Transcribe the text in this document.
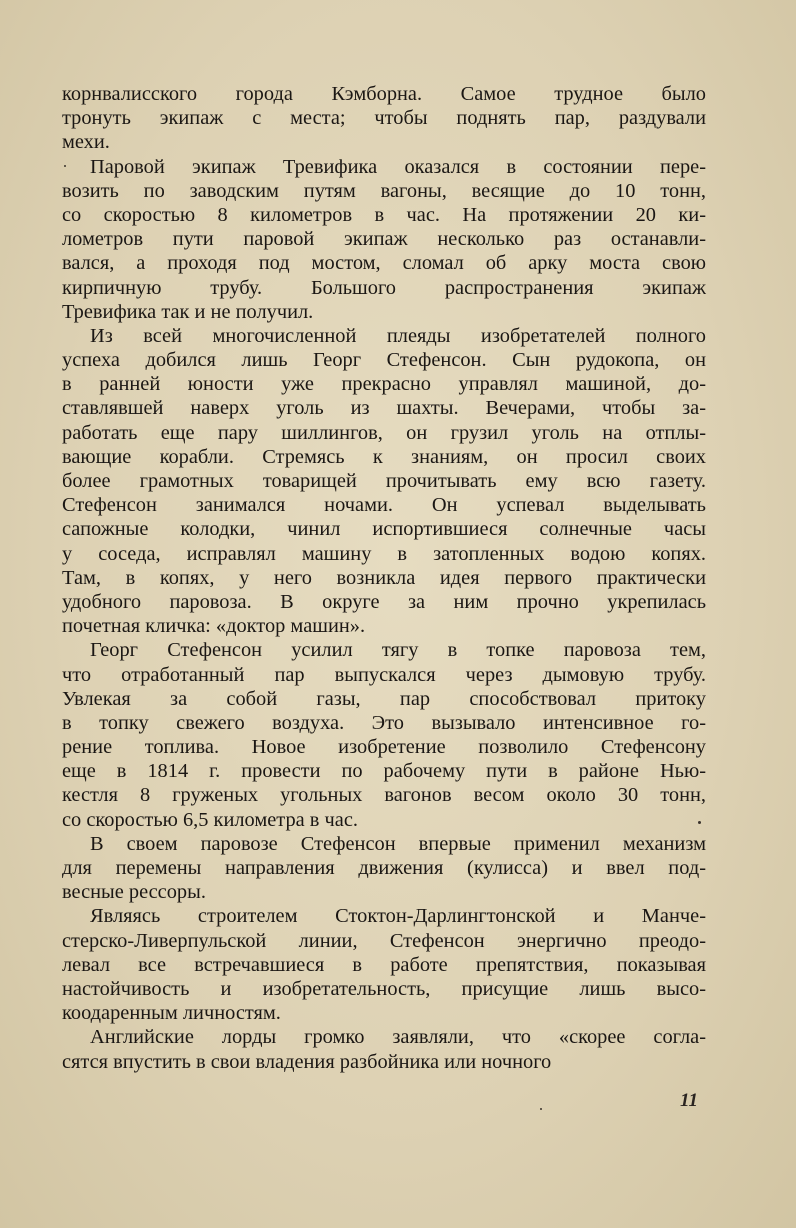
корнвалисского города Кэмборна. Самое трудное было
тронуть экипаж с места; чтобы поднять пар, раздували
мехи.
Паровой экипаж Тревифика оказался в состоянии пере-
возить по заводским путям вагоны, весящие до 10 тонн,
со скоростью 8 километров в час. На протяжении 20 ки-
лометров пути паровой экипаж несколько раз останавли-
вался, а проходя под мостом, сломал об арку моста свою
кирпичную трубу. Большого распространения экипаж
Тревифика так и не получил.
Из всей многочисленной плеяды изобретателей полного
успеха добился лишь Георг Стефенсон. Сын рудокопа, он
в ранней юности уже прекрасно управлял машиной, до-
ставлявшей наверх уголь из шахты. Вечерами, чтобы за-
работать еще пару шиллингов, он грузил уголь на отплы-
вающие корабли. Стремясь к знаниям, он просил своих
более грамотных товарищей прочитывать ему всю газету.
Стефенсон занимался ночами. Он успевал выделывать
сапожные колодки, чинил испортившиеся солнечные часы
у соседа, исправлял машину в затопленных водою копях.
Там, в копях, у него возникла идея первого практически
удобного паровоза. В округе за ним прочно укрепилась
почетная кличка: «доктор машин».
Георг Стефенсон усилил тягу в топке паровоза тем,
что отработанный пар выпускался через дымовую трубу.
Увлекая за собой газы, пар способствовал притоку
в топку свежего воздуха. Это вызывало интенсивное го-
рение топлива. Новое изобретение позволило Стефенсону
еще в 1814 г. провести по рабочему пути в районе Нью-
кестля 8 груженых угольных вагонов весом около 30 тонн,
со скоростью 6,5 километра в час.
В своем паровозе Стефенсон впервые применил механизм
для перемены направления движения (кулисса) и ввел под-
весные рессоры.
Являясь строителем Стоктон-Дарлингтонской и Манче-
стерско-Ливерпульской линии, Стефенсон энергично преодо-
левал все встречавшиеся в работе препятствия, показывая
настойчивость и изобретательность, присущие лишь высо-
коодаренным личностям.
Английские лорды громко заявляли, что «скорее согла-
сятся впустить в свои владения разбойника или ночного
11
